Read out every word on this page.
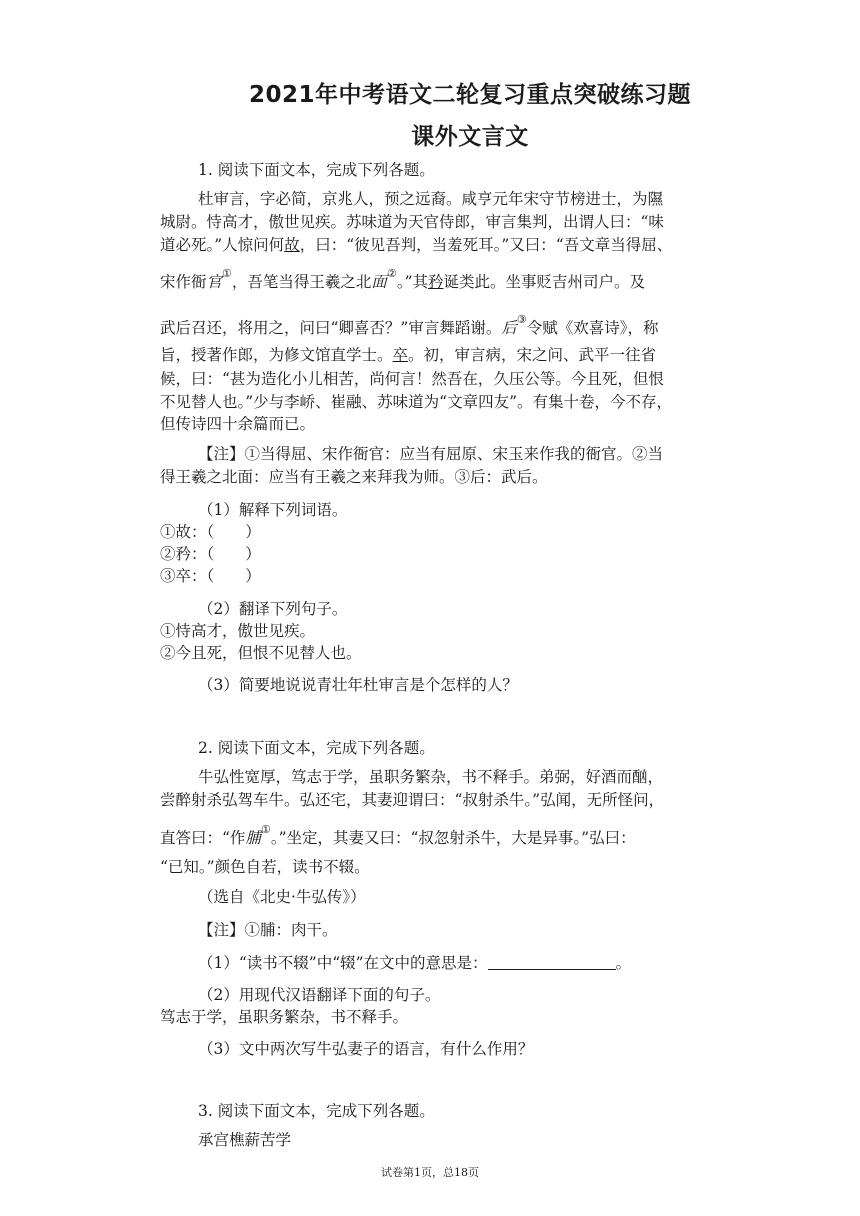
2021年中考语文二轮复习重点突破练习题
课外文言文
1. 阅读下面文本，完成下列各题。
杜审言，字必简，京兆人，预之远裔。咸亨元年宋守节榜进士，为隰
城尉。恃高才，傲世见疾。苏味道为天官侍郎，审言集判，出谓人曰：“味
道必死。”人惊问何故，曰：“彼见吾判，当羞死耳。”又曰：“吾文章当得屈、
宋作衙官①，吾笔当得王羲之北面②。”其矜诞类此。坐事贬吉州司户。及
武后召还，将用之，问曰“卿喜否？”审言舞蹈谢。后③令赋《欢喜诗》，称
旨，授著作郎，为修文馆直学士。卒。初，审言病，宋之问、武平一往省
候，曰：“甚为造化小儿相苦，尚何言！然吾在，久压公等。今且死，但恨
不见替人也。”少与李峤、崔融、苏味道为“文章四友”。有集十卷，今不存，
但传诗四十余篇而已。
【注】①当得屈、宋作衙官：应当有屈原、宋玉来作我的衙官。②当
得王羲之北面：应当有王羲之来拜我为师。③后：武后。
（1）解释下列词语。
①故：（　　）
②矜：（　　）
③卒：（　　）
（2）翻译下列句子。
①恃高才，傲世见疾。
②今且死，但恨不见替人也。
（3）简要地说说青壮年杜审言是个怎样的人？
2. 阅读下面文本，完成下列各题。
牛弘性宽厚，笃志于学，虽职务繁杂，书不释手。弟弼，好酒而酗，
尝醉射杀弘驾车牛。弘还宅，其妻迎谓曰：“叔射杀牛。”弘闻，无所怪问，
直答曰：“作脯①。”坐定，其妻又曰：“叔忽射杀牛，大是异事。”弘曰：
“已知。”颜色自若，读书不辍。
（选自《北史·牛弘传》）
【注】①脯：肉干。
（1）“读书不辍”中“辍”在文中的意思是：	。
（2）用现代汉语翻译下面的句子。
笃志于学，虽职务繁杂，书不释手。
（3）文中两次写牛弘妻子的语言，有什么作用？
3. 阅读下面文本，完成下列各题。
承宫樵薪苦学
试卷第1页，总18页
